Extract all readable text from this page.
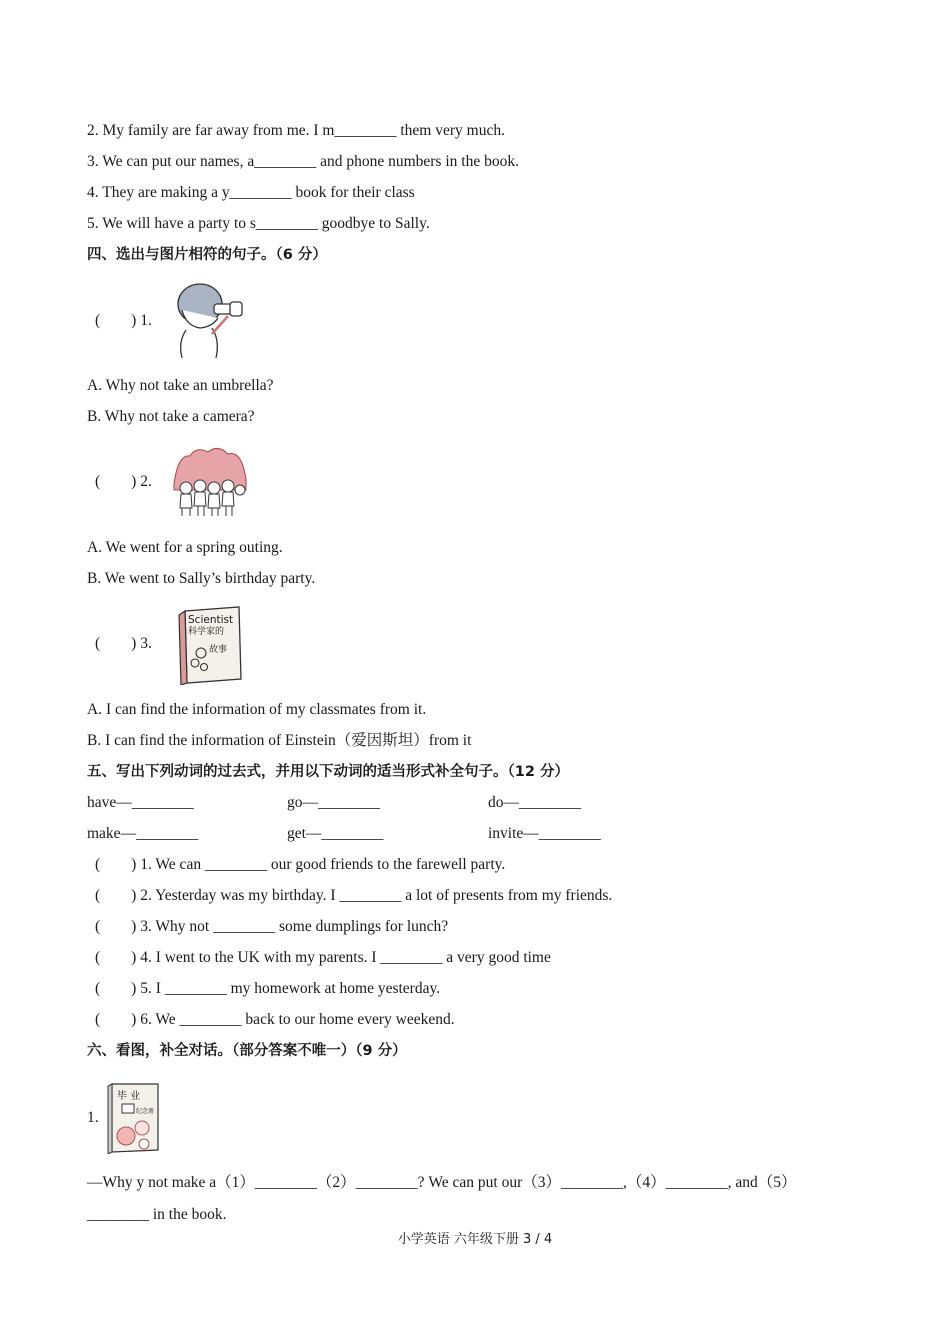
2. My family are far away from me. I m________ them very much.
3. We can put our names, a________ and phone numbers in the book.
4. They are making a y________ book for their class
5. We will have a party to s________ goodbye to Sally.
四、选出与图片相符的句子。（6 分）
(        ) 1.
A. Why not take an umbrella?
B. Why not take a camera?
(        ) 2.
A. We went for a spring outing.
B. We went to Sally’s birthday party.
(        ) 3.
Scientist
科学家的
故事
A. I can find the information of my classmates from it.
B. I can find the information of Einstein（爱因斯坦）from it
五、写出下列动词的过去式，并用以下动词的适当形式补全句子。（12 分）
have—________	go—________	do—________
make—________	get—________	invite—________
(        ) 1. We can ________ our good friends to the farewell party.
(        ) 2. Yesterday was my birthday. I ________ a lot of presents from my friends.
(        ) 3. Why not ________ some dumplings for lunch?
(        ) 4. I went to the UK with my parents. I ________ a very good time
(        ) 5. I ________ my homework at home yesterday.
(        ) 6. We ________ back to our home every weekend.
六、看图，补全对话。（部分答案不唯一）（9 分）
1.
毕 业
纪念册
—Why y not make a（1）________（2）________? We can put our（3）________,（4）________, and（5）
________ in the book.
小学英语 六年级下册 3 / 4
